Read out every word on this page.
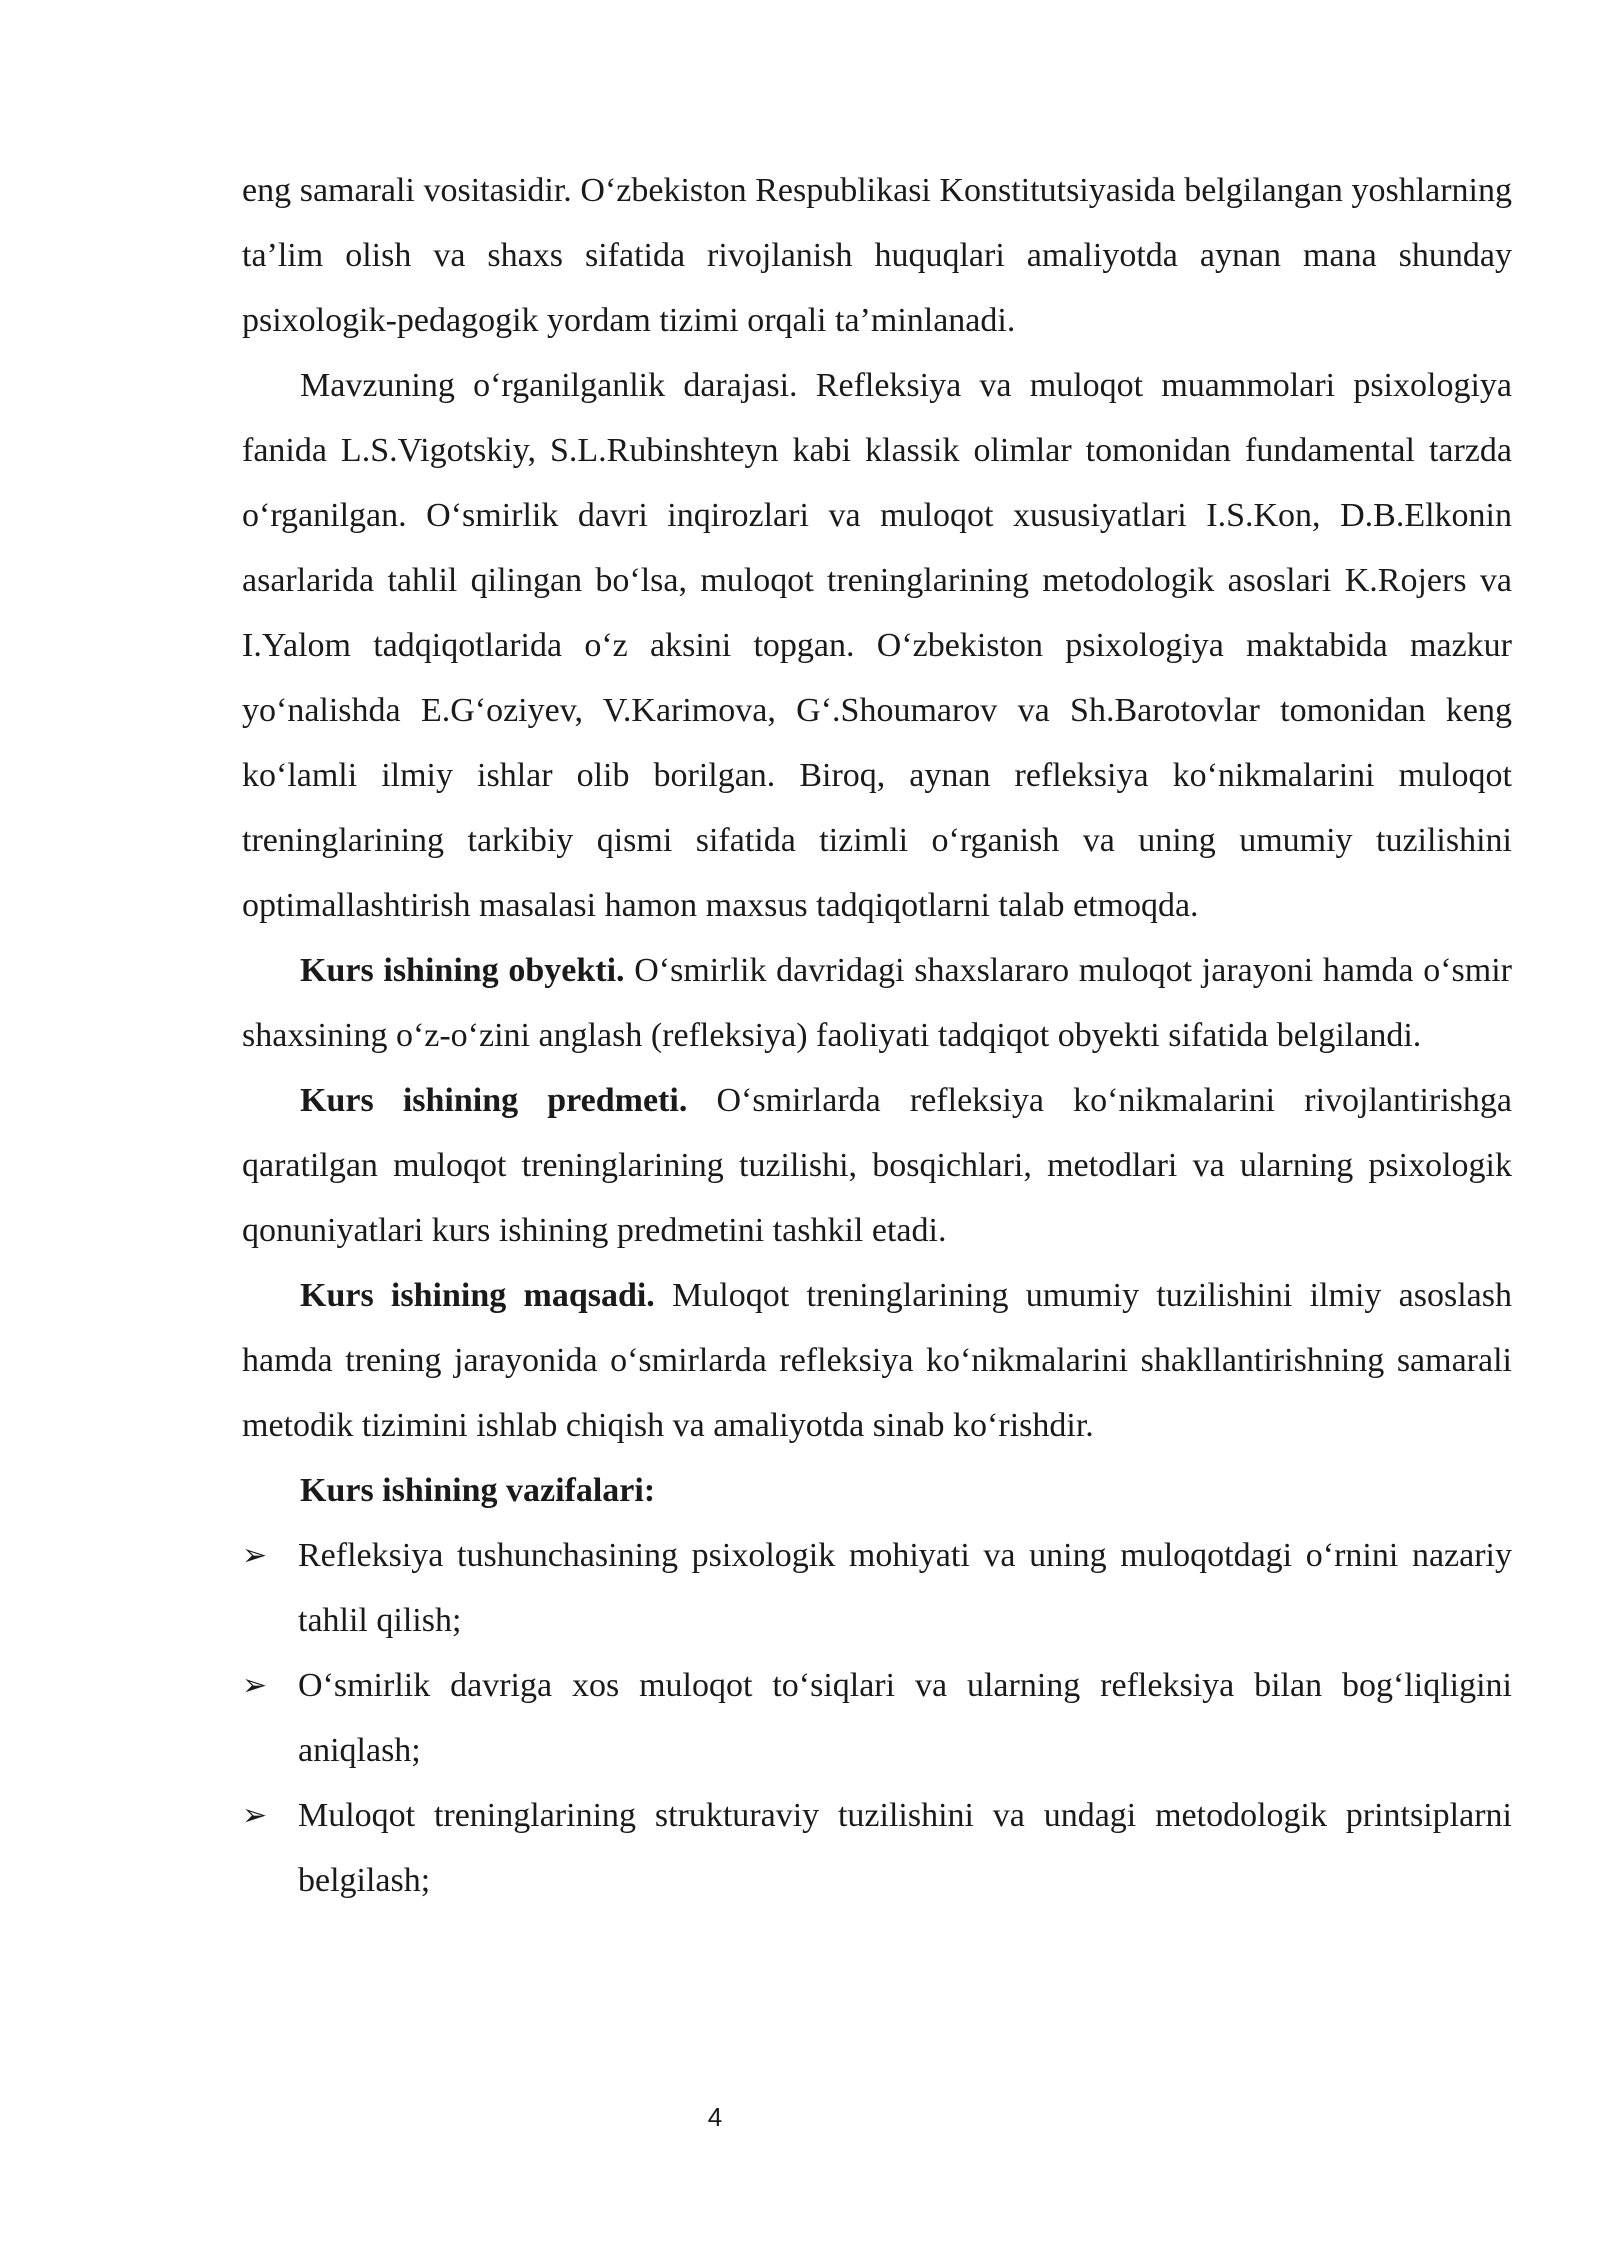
eng samarali vositasidir. O‘zbekiston Respublikasi Konstitutsiyasida belgilangan yoshlarning ta’lim olish va shaxs sifatida rivojlanish huquqlari amaliyotda aynan mana shunday psixologik-pedagogik yordam tizimi orqali ta’minlanadi.

Mavzuning o‘rganilganlik darajasi. Refleksiya va muloqot muammolari psixologiya fanida L.S.Vigotskiy, S.L.Rubinshteyn kabi klassik olimlar tomonidan fundamental tarzda o‘rganilgan. O‘smirlik davri inqirozlari va muloqot xususiyatlari I.S.Kon, D.B.Elkonin asarlarida tahlil qilingan bo‘lsa, muloqot treninglarining metodologik asoslari K.Rojers va I.Yalom tadqiqotlarida o‘z aksini topgan. O‘zbekiston psixologiya maktabida mazkur yo‘nalishda E.G‘oziyev, V.Karimova, G‘.Shoumarov va Sh.Barotovlar tomonidan keng ko‘lamli ilmiy ishlar olib borilgan. Biroq, aynan refleksiya ko‘nikmalarini muloqot treninglarining tarkibiy qismi sifatida tizimli o‘rganish va uning umumiy tuzilishini optimallashtirish masalasi hamon maxsus tadqiqotlarni talab etmoqda.

Kurs ishining obyekti. O‘smirlik davridagi shaxslararo muloqot jarayoni hamda o‘smir shaxsining o‘z-o‘zini anglash (refleksiya) faoliyati tadqiqot obyekti sifatida belgilandi.

Kurs ishining predmeti. O‘smirlarda refleksiya ko‘nikmalarini rivojlantirishga qaratilgan muloqot treninglarining tuzilishi, bosqichlari, metodlari va ularning psixologik qonuniyatlari kurs ishining predmetini tashkil etadi.

Kurs ishining maqsadi. Muloqot treninglarining umumiy tuzilishini ilmiy asoslash hamda trening jarayonida o‘smirlarda refleksiya ko‘nikmalarini shakllantirishning samarali metodik tizimini ishlab chiqish va amaliyotda sinab ko‘rishdir.

Kurs ishining vazifalari:

➢ Refleksiya tushunchasining psixologik mohiyati va uning muloqotdagi o‘rnini nazariy tahlil qilish;
➢ O‘smirlik davriga xos muloqot to‘siqlari va ularning refleksiya bilan bog‘liqligini aniqlash;
➢ Muloqot treninglarining strukturaviy tuzilishini va undagi metodologik printsiplarni belgilash;
4
